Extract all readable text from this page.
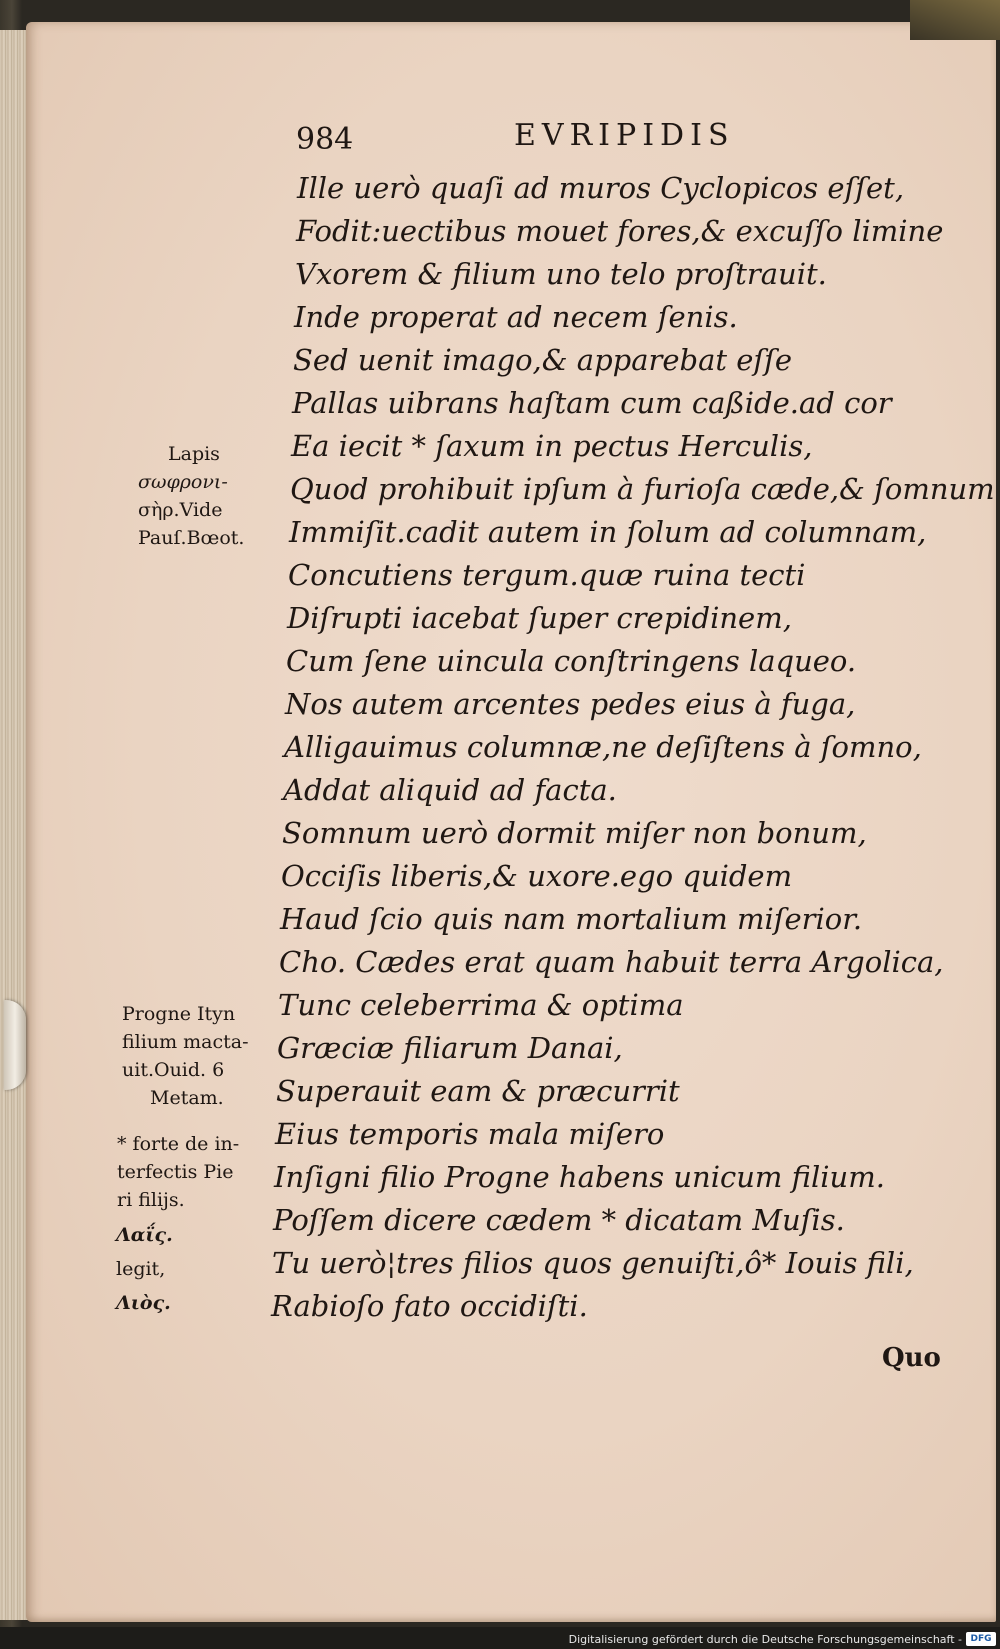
984	EVRIPIDIS
Ille uerò quaſi ad muros Cyclopicos eſſet,
Fodit:uectibus mouet fores,& excuſſo limine
Vxorem & filium uno telo proſtrauit.
Inde properat ad necem ſenis.
Sed uenit imago,& apparebat eſſe
Pallas uibrans haſtam cum caßide.ad cor
Ea iecit * ſaxum in pectus Herculis,
Quod prohibuit ipſum à furioſa cæde,& ſomnum
Immiſit.cadit autem in ſolum ad columnam,
Concutiens tergum.quæ ruina tecti
Diſrupti iacebat ſuper crepidinem,
Cum ſene uincula conſtringens laqueo.
Nos autem arcentes pedes eius à fuga,
Alligauimus columnæ,ne deſiſtens à ſomno,
Addat aliquid ad facta.
Somnum uerò dormit miſer non bonum,
Occiſis liberis,& uxore.ego quidem
Haud ſcio quis nam mortalium miſerior.
Cho. Cædes erat quam habuit terra Argolica,
Tunc celeberrima & optima
Græciæ filiarum Danai,
Superauit eam & præcurrit
Eius temporis mala miſero
Inſigni filio Progne habens unicum filium.
Poſſem dicere cædem * dicatam Muſis.
Tu uerò¦tres filios quos genuiſti,ô* Iouis fili,
Rabioſo fato occidiſti.
Lapis
σωφρονι-
σὴρ.Vide
Pauſ.Bœot.
Progne Ityn
filium macta-
uit.Ouid. 6
Metam.
* forte de in-
terfectis Pie
ri filijs.
Λαΐς.
legit,
Λιὸς.
Quo
Digitalisierung gefördert durch die Deutsche Forschungsgemeinschaft - DFG
